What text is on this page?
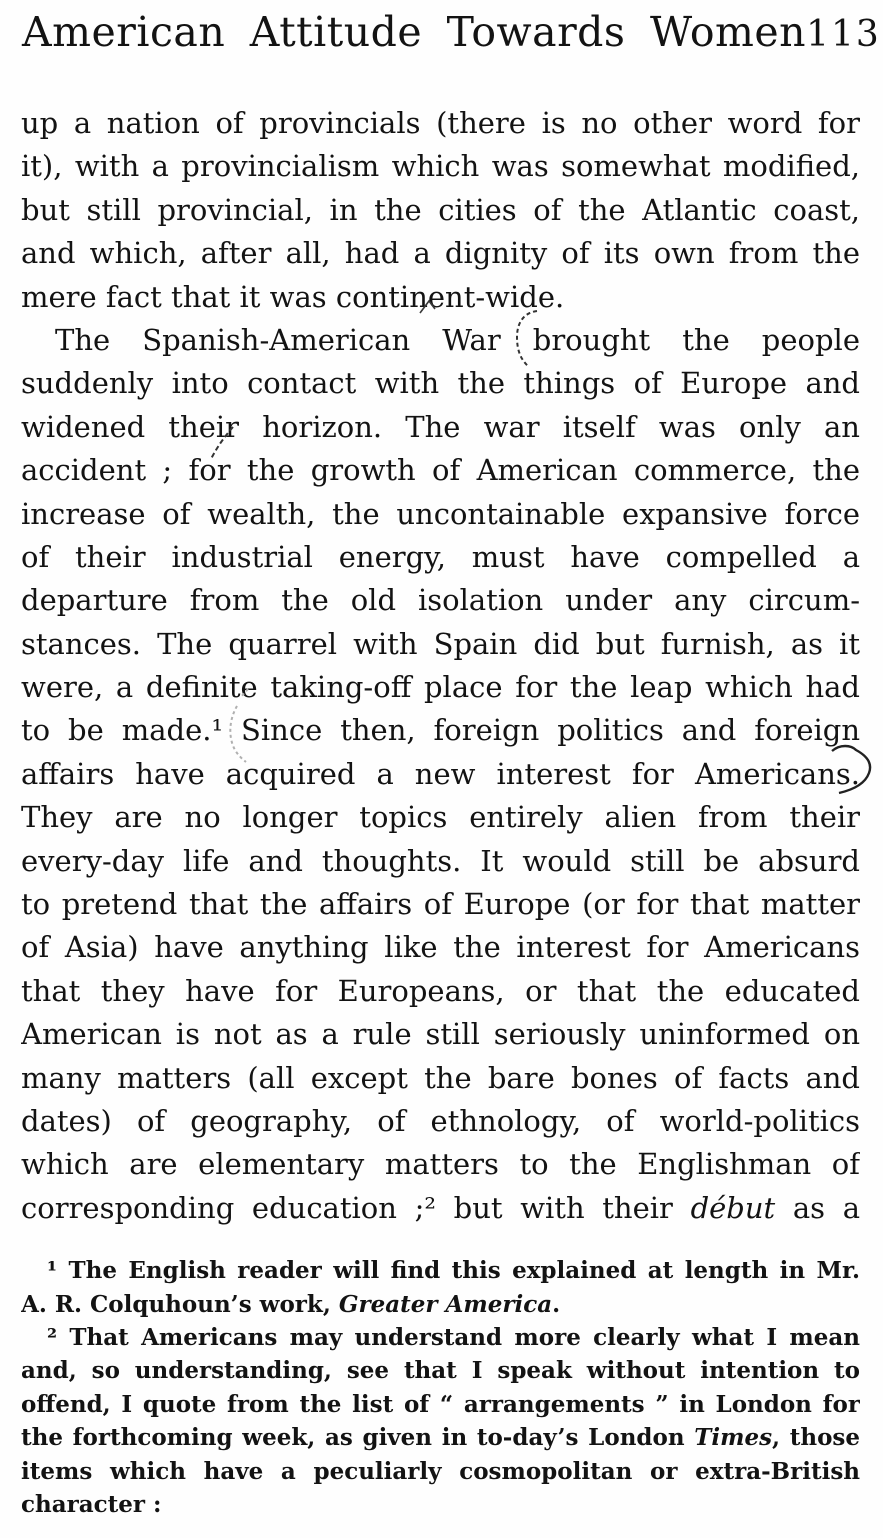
American Attitude Towards Women 113
up a nation of provincials (there is no other word for
it), with a provincialism which was somewhat modified,
but still provincial, in the cities of the Atlantic coast,
and which, after all, had a dignity of its own from the
mere fact that it was continent-wide.
The Spanish-American War brought the people
suddenly into contact with the things of Europe and
widened their horizon. The war itself was only an
accident ; for the growth of American commerce, the
increase of wealth, the uncontainable expansive force
of their industrial energy, must have compelled a
departure from the old isolation under any circum-
stances. The quarrel with Spain did but furnish, as it
were, a definite taking-off place for the leap which had
to be made.¹ Since then, foreign politics and foreign
affairs have acquired a new interest for Americans.
They are no longer topics entirely alien from their
every-day life and thoughts. It would still be absurd
to pretend that the affairs of Europe (or for that matter
of Asia) have anything like the interest for Americans
that they have for Europeans, or that the educated
American is not as a rule still seriously uninformed on
many matters (all except the bare bones of facts and
dates) of geography, of ethnology, of world-politics
which are elementary matters to the Englishman of
corresponding education ;² but with their début as a
¹ The English reader will find this explained at length in Mr.
A. R. Colquhoun’s work, Greater America.
² That Americans may understand more clearly what I mean
and, so understanding, see that I speak without intention to
offend, I quote from the list of “ arrangements ” in London for
the forthcoming week, as given in to-day’s London Times, those
items which have a peculiarly cosmopolitan or extra-British
character :
